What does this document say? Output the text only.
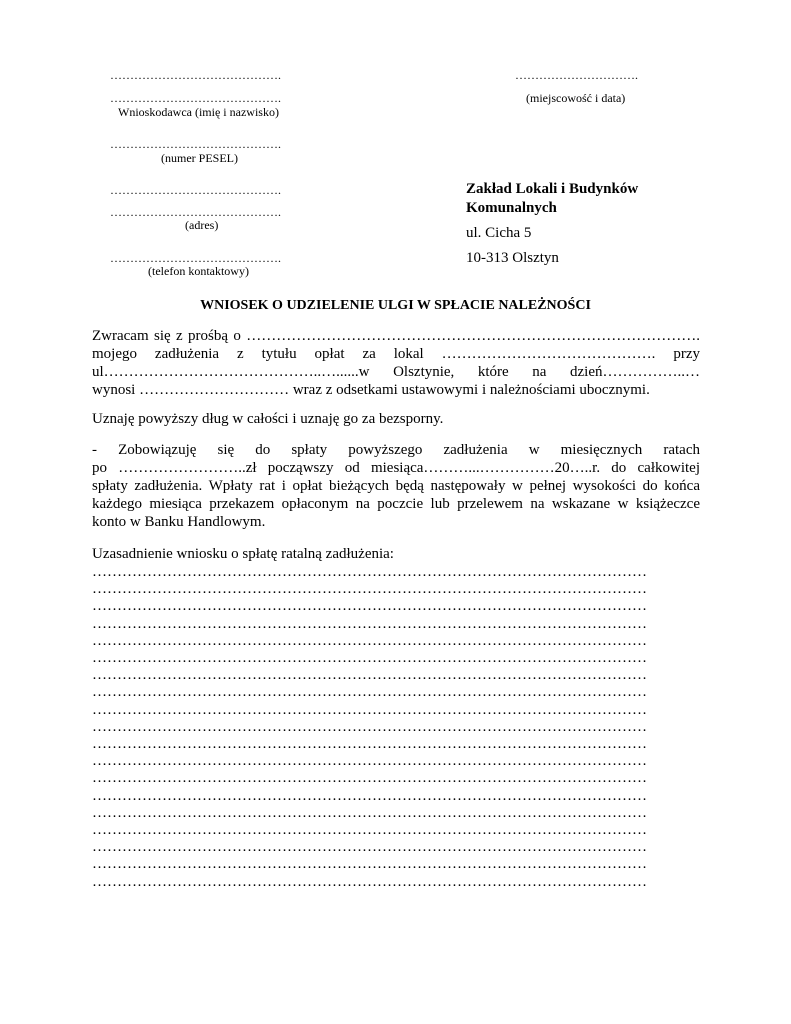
…………………………………….
…………………………………….
Wnioskodawca (imię i nazwisko)
…………………………………….
(numer PESEL)
…………………………………….
…………………………………….
(adres)
…………………………………….
(telefon kontaktowy)
………………………….
(miejscowość i data)
Zakład Lokali i Budynków
Komunalnych
ul. Cicha 5
10-313 Olsztyn
WNIOSEK O UDZIELENIE ULGI W SPŁACIE NALEŻNOŚCI
Zwracam się z prośbą o ……………………………………………………………………………….
mojego zadłużenia z tytułu opłat za lokal ……………………………………. przy
ul……………………………………..…......w Olsztynie, które na dzień……………..…
wynosi ………………………… wraz z odsetkami ustawowymi i należnościami ubocznymi.
Uznaję powyższy dług w całości i uznaję go za bezsporny.
- Zobowiązuję się do spłaty powyższego zadłużenia w miesięcznych ratach
po ……………………..zł począwszy od miesiąca………...……………20…..r. do całkowitej
spłaty zadłużenia. Wpłaty rat i opłat bieżących będą następowały w pełnej wysokości do końca
każdego miesiąca przekazem opłaconym na poczcie lub przelewem na wskazane w książeczce
konto w Banku Handlowym.
Uzasadnienie wniosku o spłatę ratalną zadłużenia:
…………………………………………………………………………………………………
…………………………………………………………………………………………………
…………………………………………………………………………………………………
…………………………………………………………………………………………………
…………………………………………………………………………………………………
…………………………………………………………………………………………………
…………………………………………………………………………………………………
…………………………………………………………………………………………………
…………………………………………………………………………………………………
…………………………………………………………………………………………………
…………………………………………………………………………………………………
…………………………………………………………………………………………………
…………………………………………………………………………………………………
…………………………………………………………………………………………………
…………………………………………………………………………………………………
…………………………………………………………………………………………………
…………………………………………………………………………………………………
…………………………………………………………………………………………………
…………………………………………………………………………………………………
